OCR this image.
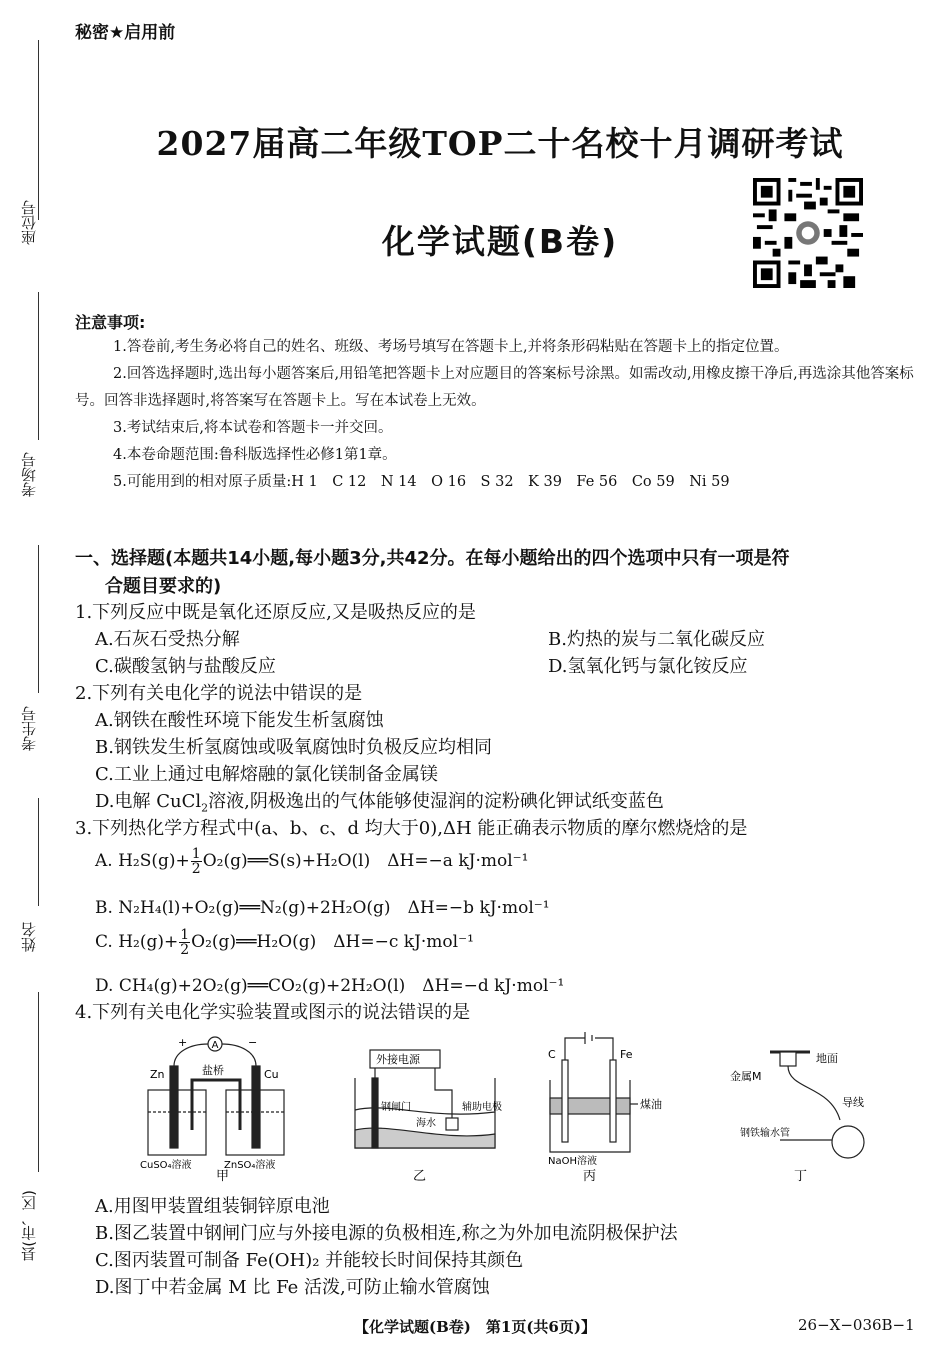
秘密★启用前
2027届高二年级TOP二十名校十月调研考试
化学试题(B卷)
座位号
考场号
考生号
姓名
县(市、区)
注意事项:
1.答卷前,考生务必将自己的姓名、班级、考场号填写在答题卡上,并将条形码粘贴在答题卡上的指定位置。
2.回答选择题时,选出每小题答案后,用铅笔把答题卡上对应题目的答案标号涂黑。如需改动,用橡皮擦干净后,再选涂其他答案标号。回答非选择题时,将答案写在答题卡上。写在本试卷上无效。
3.考试结束后,将本试卷和答题卡一并交回。
4.本卷命题范围:鲁科版选择性必修1第1章。
5.可能用到的相对原子质量:H 1　C 12　N 14　O 16　S 32　K 39　Fe 56　Co 59　Ni 59
一、选择题(本题共14小题,每小题3分,共42分。在每小题给出的四个选项中只有一项是符
合题目要求的)
1.下列反应中既是氧化还原反应,又是吸热反应的是
A.石灰石受热分解	B.灼热的炭与二氧化碳反应
C.碳酸氢钠与盐酸反应	D.氢氧化钙与氯化铵反应
2.下列有关电化学的说法中错误的是
A.钢铁在酸性环境下能发生析氢腐蚀
B.钢铁发生析氢腐蚀或吸氧腐蚀时负极反应均相同
C.工业上通过电解熔融的氯化镁制备金属镁
D.电解 CuCl$_2$溶液,阴极逸出的气体能够使湿润的淀粉碘化钾试纸变蓝色
3.下列热化学方程式中(a、b、c、d 均大于0),ΔH 能正确表示物质的摩尔燃烧焓的是
A. $H_2S(g)+ \frac{1}{2}$ O₂(g)══S(s)+H₂O(l)　ΔH=−a kJ·mol⁻¹
B. N₂H₄(l)+O₂(g)══N₂(g)+2H₂O(g)　ΔH=−b kJ·mol⁻¹
C. $H_2(g)+ \frac{1}{2}$ O₂(g)══H₂O(g)　ΔH=−c kJ·mol⁻¹
D. CH₄(g)+2O₂(g)══CO₂(g)+2H₂O(l)　ΔH=−d kJ·mol⁻¹
4.下列有关电化学实验装置或图示的说法错误的是
A
+	−
Zn	Cu
盐桥
CuSO₄溶液	ZnSO₄溶液
甲
外接电源
钢闸门
海水
辅助电极
乙
C	Fe
煤油
NaOH溶液
丙
地面
金属M
导线
钢铁输水管
丁
A.用图甲装置组装铜锌原电池
B.图乙装置中钢闸门应与外接电源的负极相连,称之为外加电流阴极保护法
C.图丙装置可制备 Fe(OH)₂ 并能较长时间保持其颜色
D.图丁中若金属 M 比 Fe 活泼,可防止输水管腐蚀
【化学试题(B卷)　第1页(共6页)】	26−X−036B−1
